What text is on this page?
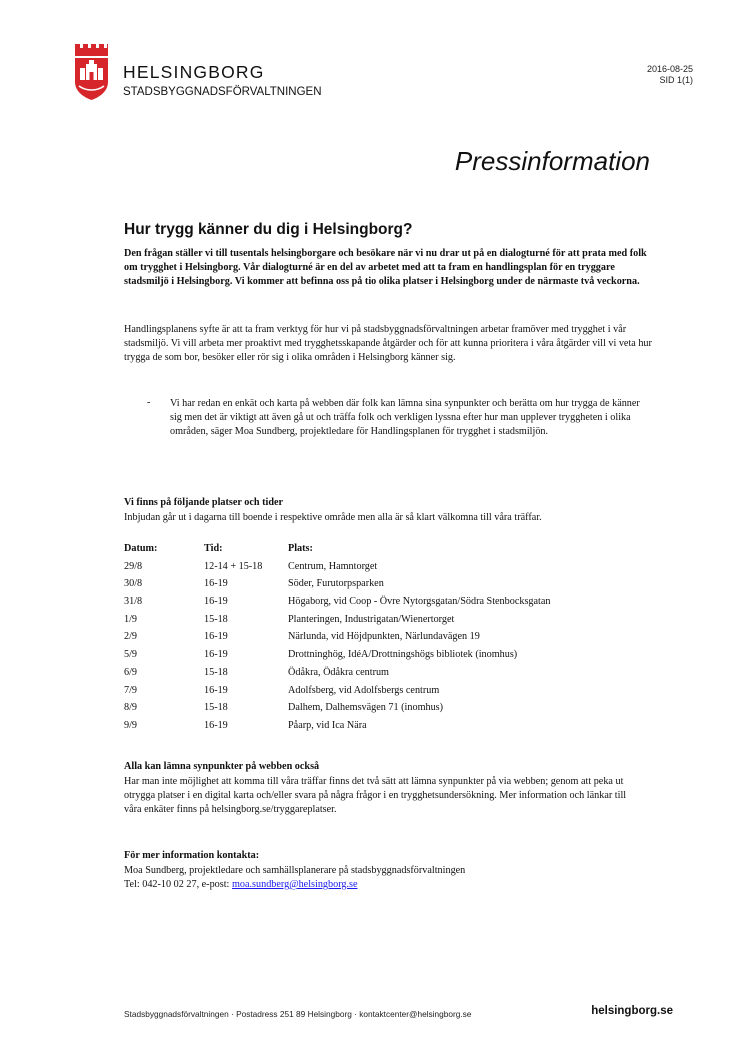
HELSINGBORG
STADSBYGGNADSFÖRVALTNINGEN
2016-08-25
SID 1(1)
Pressinformation
Hur trygg känner du dig i Helsingborg?

Den frågan ställer vi till tusentals helsingborgare och besökare när vi nu drar ut på en dialogturné för att prata med folk om trygghet i Helsingborg. Vår dialogturné är en del av arbetet med att ta fram en handlingsplan för en tryggare stadsmiljö i Helsingborg. Vi kommer att befinna oss på tio olika platser i Helsingborg under de närmaste två veckorna.

Handlingsplanens syfte är att ta fram verktyg för hur vi på stadsbyggnadsförvaltningen arbetar framöver med trygghet i vår stadsmiljö. Vi vill arbeta mer proaktivt med trygghetsskapande åtgärder och för att kunna prioritera i våra åtgärder vill vi veta hur trygga de som bor, besöker eller rör sig i olika områden i Helsingborg känner sig.

- Vi har redan en enkät och karta på webben där folk kan lämna sina synpunkter och berätta om hur trygga de känner sig men det är viktigt att även gå ut och träffa folk och verkligen lyssna efter hur man upplever tryggheten i olika områden, säger Moa Sundberg, projektledare för Handlingsplanen för trygghet i stadsmiljön.

Vi finns på följande platser och tider

Inbjudan går ut i dagarna till boende i respektive område men alla är så klart välkomna till våra träffar.

Datum:	Tid:	Plats:
29/8	12-14 + 15-18	Centrum, Hamntorget
30/8	16-19	Söder, Furutorpsparken
31/8	16-19	Högaborg, vid Coop - Övre Nytorgsgatan/Södra Stenbocksgatan
1/9	15-18	Planteringen, Industrigatan/Wienertorget
2/9	16-19	Närlunda, vid Höjdpunkten, Närlundavägen 19
5/9	16-19	Drottninghög, IdéA/Drottningshögs bibliotek (inomhus)
6/9	15-18	Ödåkra, Ödåkra centrum
7/9	16-19	Adolfsberg, vid Adolfsbergs centrum
8/9	15-18	Dalhem, Dalhemsvägen 71 (inomhus)
9/9	16-19	Påarp, vid Ica Nära
Alla kan lämna synpunkter på webben också

Har man inte möjlighet att komma till våra träffar finns det två sätt att lämna synpunkter på via webben; genom att peka ut otrygga platser i en digital karta och/eller svara på några frågor i en trygghetsundersökning. Mer information och länkar till våra enkäter finns på helsingborg.se/tryggareplatser.

För mer information kontakta:
Moa Sundberg, projektledare och samhällsplanerare på stadsbyggnadsförvaltningen
Tel: 042-10 02 27, e-post: moa.sundberg@helsingborg.se
Stadsbyggnadsförvaltningen · Postadress 251 89 Helsingborg · kontaktcenter@helsingborg.se	helsingborg.se
